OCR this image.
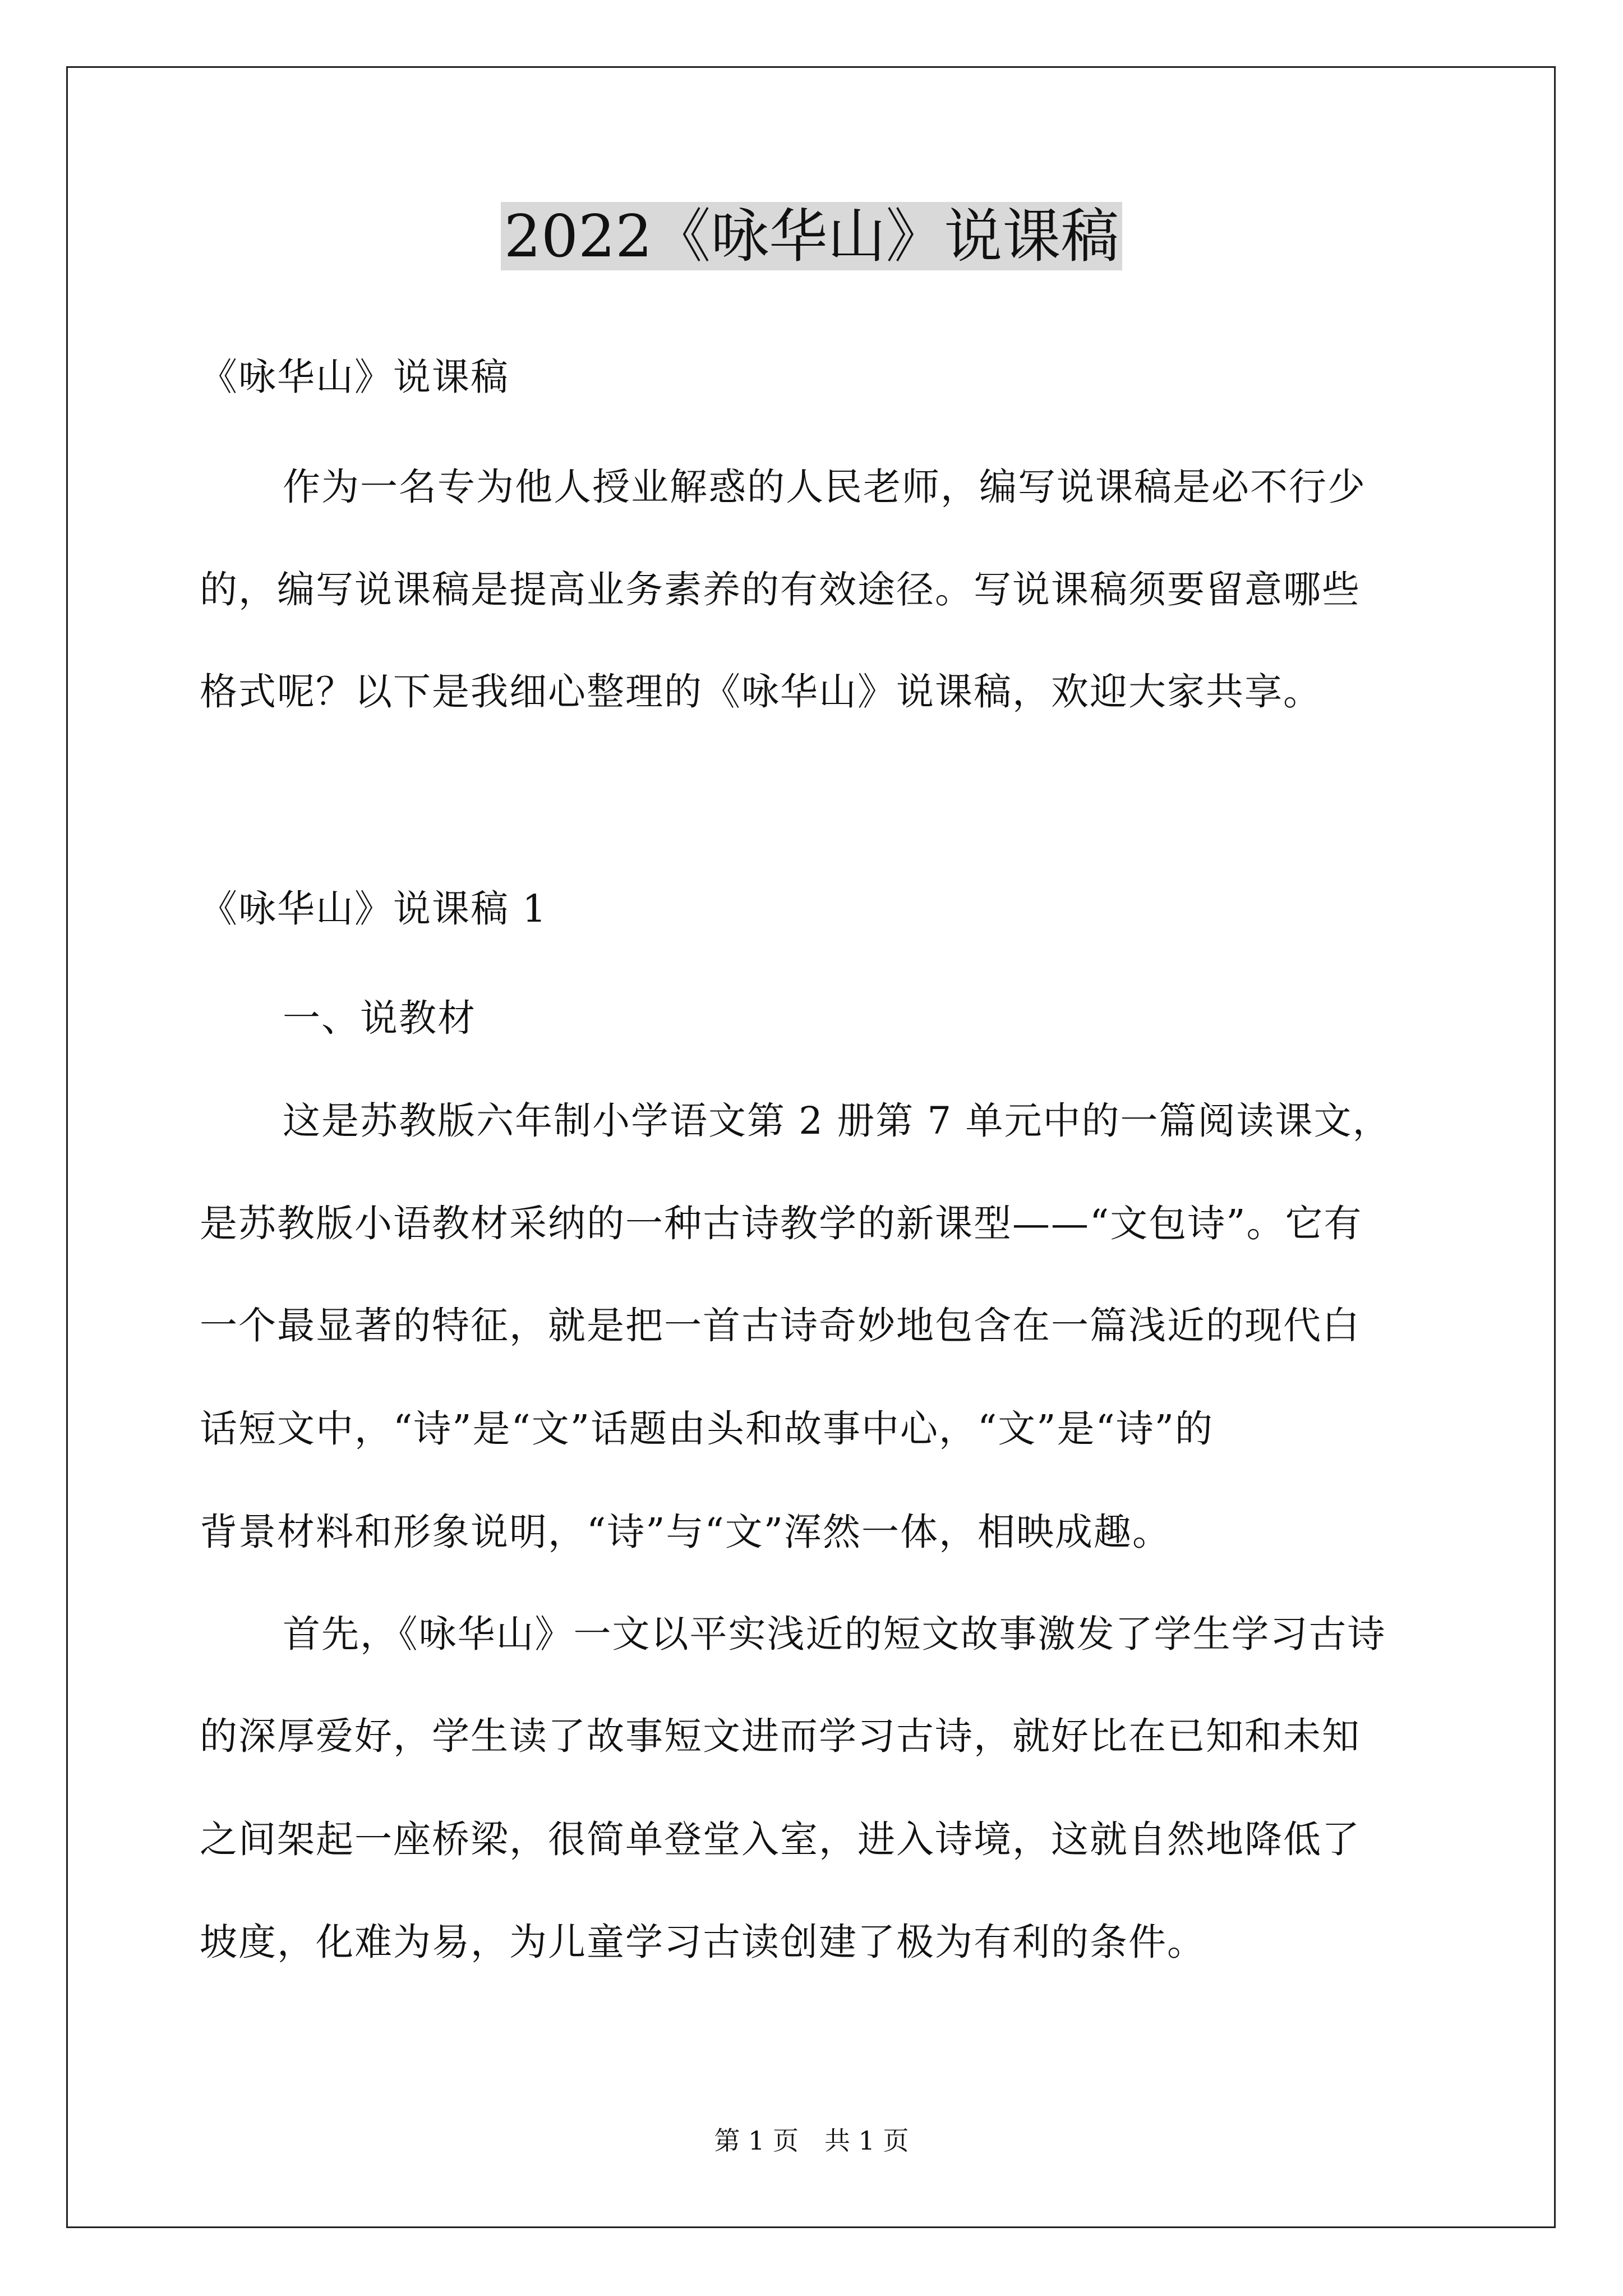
2022《咏华山》说课稿
《咏华山》说课稿
作为一名专为他人授业解惑的人民老师，编写说课稿是必不行少
的，编写说课稿是提高业务素养的有效途径。写说课稿须要留意哪些
格式呢？以下是我细心整理的《咏华山》说课稿，欢迎大家共享。
《咏华山》说课稿 1
一、说教材
这是苏教版六年制小学语文第 2 册第 7 单元中的一篇阅读课文，
是苏教版小语教材采纳的一种古诗教学的新课型——“文包诗”。它有
一个最显著的特征，就是把一首古诗奇妙地包含在一篇浅近的现代白
话短文中，“诗”是“文”话题由头和故事中心，“文”是“诗”的
背景材料和形象说明，“诗”与“文”浑然一体，相映成趣。
首先，《咏华山》一文以平实浅近的短文故事激发了学生学习古诗
的深厚爱好，学生读了故事短文进而学习古诗，就好比在已知和未知
之间架起一座桥梁，很简单登堂入室，进入诗境，这就自然地降低了
坡度，化难为易，为儿童学习古读创建了极为有利的条件。
第 1 页　共 1 页
